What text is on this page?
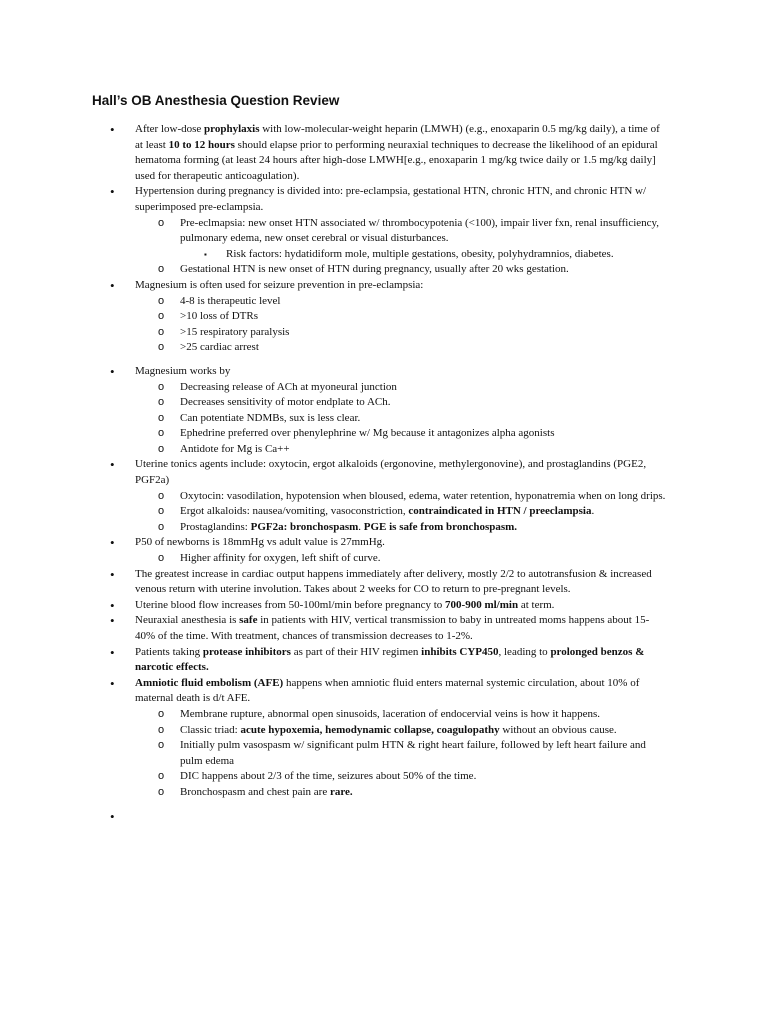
Hall’s OB Anesthesia Question Review
• After low-dose prophylaxis with low-molecular-weight heparin (LMWH) (e.g., enoxaparin 0.5 mg/kg daily), a time of at least 10 to 12 hours should elapse prior to performing neuraxial techniques to decrease the likelihood of an epidural hematoma forming (at least 24 hours after high-dose LMWH[e.g., enoxaparin 1 mg/kg twice daily or 1.5 mg/kg daily] used for therapeutic anticoagulation).
• Hypertension during pregnancy is divided into: pre-eclampsia, gestational HTN, chronic HTN, and chronic HTN w/ superimposed pre-eclampsia.
o Pre-eclmapsia: new onset HTN associated w/ thrombocypotenia (<100), impair liver fxn, renal insufficiency, pulmonary edema, new onset cerebral or visual disturbances.
▪ Risk factors: hydatidiform mole, multiple gestations, obesity, polyhydramnios, diabetes.
o Gestational HTN is new onset of HTN during pregnancy, usually after 20 wks gestation.
• Magnesium is often used for seizure prevention in pre-eclampsia:
o 4-8 is therapeutic level
o >10 loss of DTRs
o >15 respiratory paralysis
o >25 cardiac arrest
• Magnesium works by
o Decreasing release of ACh at myoneural junction
o Decreases sensitivity of motor endplate to ACh.
o Can potentiate NDMBs, sux is less clear.
o Ephedrine preferred over phenylephrine w/ Mg because it antagonizes alpha agonists
o Antidote for Mg is Ca++
• Uterine tonics agents include: oxytocin, ergot alkaloids (ergonovine, methylergonovine), and prostaglandins (PGE2, PGF2a)
o Oxytocin: vasodilation, hypotension when bloused, edema, water retention, hyponatremia when on long drips.
o Ergot alkaloids: nausea/vomiting, vasoconstriction, contraindicated in HTN / preeclampsia.
o Prostaglandins: PGF2a: bronchospasm. PGE is safe from bronchospasm.
• P50 of newborns is 18mmHg vs adult value is 27mmHg.
o Higher affinity for oxygen, left shift of curve.
• The greatest increase in cardiac output happens immediately after delivery, mostly 2/2 to autotransfusion & increased venous return with uterine involution. Takes about 2 weeks for CO to return to pre-pregnant levels.
• Uterine blood flow increases from 50-100ml/min before pregnancy to 700-900 ml/min at term.
• Neuraxial anesthesia is safe in patients with HIV, vertical transmission to baby in untreated moms happens about 15-40% of the time. With treatment, chances of transmission decreases to 1-2%.
• Patients taking protease inhibitors as part of their HIV regimen inhibits CYP450, leading to prolonged benzos & narcotic effects.
• Amniotic fluid embolism (AFE) happens when amniotic fluid enters maternal systemic circulation, about 10% of maternal death is d/t AFE.
o Membrane rupture, abnormal open sinusoids, laceration of endocervial veins is how it happens.
o Classic triad: acute hypoxemia, hemodynamic collapse, coagulopathy without an obvious cause.
o Initially pulm vasospasm w/ significant pulm HTN & right heart failure, followed by left heart failure and pulm edema
o DIC happens about 2/3 of the time, seizures about 50% of the time.
o Bronchospasm and chest pain are rare.
•
